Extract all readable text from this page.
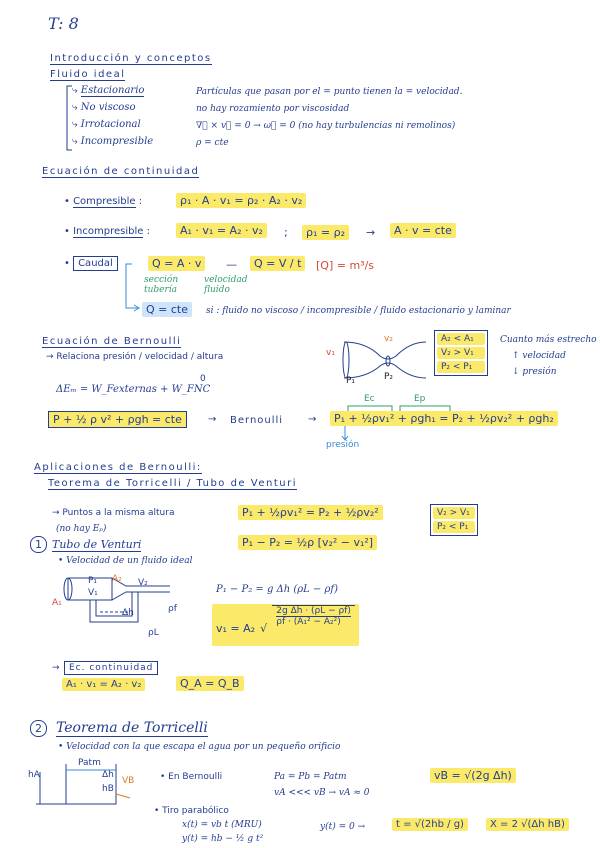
T: 8
Introducción y conceptos
Fluido ideal
⤷ Estacionario	Partículas que pasan por el = punto tienen la = velocidad.
⤷ No viscoso	no hay rozamiento por viscosidad
⤷ Irrotacional	∇⃗ × v⃗ = 0 → ω⃗ = 0 (no hay turbulencias ni remolinos)
⤷ Incompresible	ρ = cte
Ecuación de continuidad
• Compresible :	ρ₁ · A · v₁ = ρ₂ · A₂ · v₂
• Incompresible :	A₁ · v₁ = A₂ · v₂	;	ρ₁ = ρ₂	→	A · v = cte
• Caudal	Q = A · v	—	Q = V / t	[Q] = m³/s
sección tubería
velocidad fluido
Q = cte	si : fluido no viscoso / incompresible / fluido estacionario y laminar
Ecuación de Bernoulli
→ Relaciona presión / velocidad / altura
ΔEₘ = W_Fexternas + W_FNC
0
P + ½ ρ v² + ρgh = cte	→ Bernoulli →	P₁ + ½ρv₁² + ρgh₁ = P₂ + ½ρv₂² + ρgh₂
Ec	Ep
presión
v₁
v₂
P₁	P₂
A₂ < A₁
V₂ > V₁
P₂ < P₁
Cuanto más estrecho
↑ velocidad
↓ presión
Aplicaciones de Bernoulli:
Teorema de Torricelli / Tubo de Venturi
→ Puntos a la misma altura
(no hay Eₚ)
P₁ + ½ρv₁² = P₂ + ½ρv₂²
P₁ − P₂ = ½ρ [v₂² − v₁²]
V₂ > V₁
P₂ < P₁
1 Tubo de Venturi
• Velocidad de un fluido ideal
P₁
V₁
A₂ V₂
A₁
ρf
ρL
Δh
P₁ − P₂ = g Δh (ρL − ρf)
$_{v_1 = A_2}$ $_√$
$\frac{\text{2g Δh · (ρL − ρf)}}{\text{ρf · (A₁² − A₂²)}}$
→	Ec. continuidad
A₁ · v₁ = A₂ · v₂	Q_A = Q_B
2	Teorema de Torricelli
• Velocidad con la que escapa el agua por un pequeño orificio
Patm
Δh
hA
hB
VB	• En Bernoulli	Pa = Pb = Patm
vA <<< vB → vA ≈ 0
vB = √(2g Δh)
• Tiro parabólico
x(t) = vb t (MRU)
y(t) = hb − ½ g t²
y(t) = 0 →	t = √(2hb / g)	X = 2 √(Δh hB)
